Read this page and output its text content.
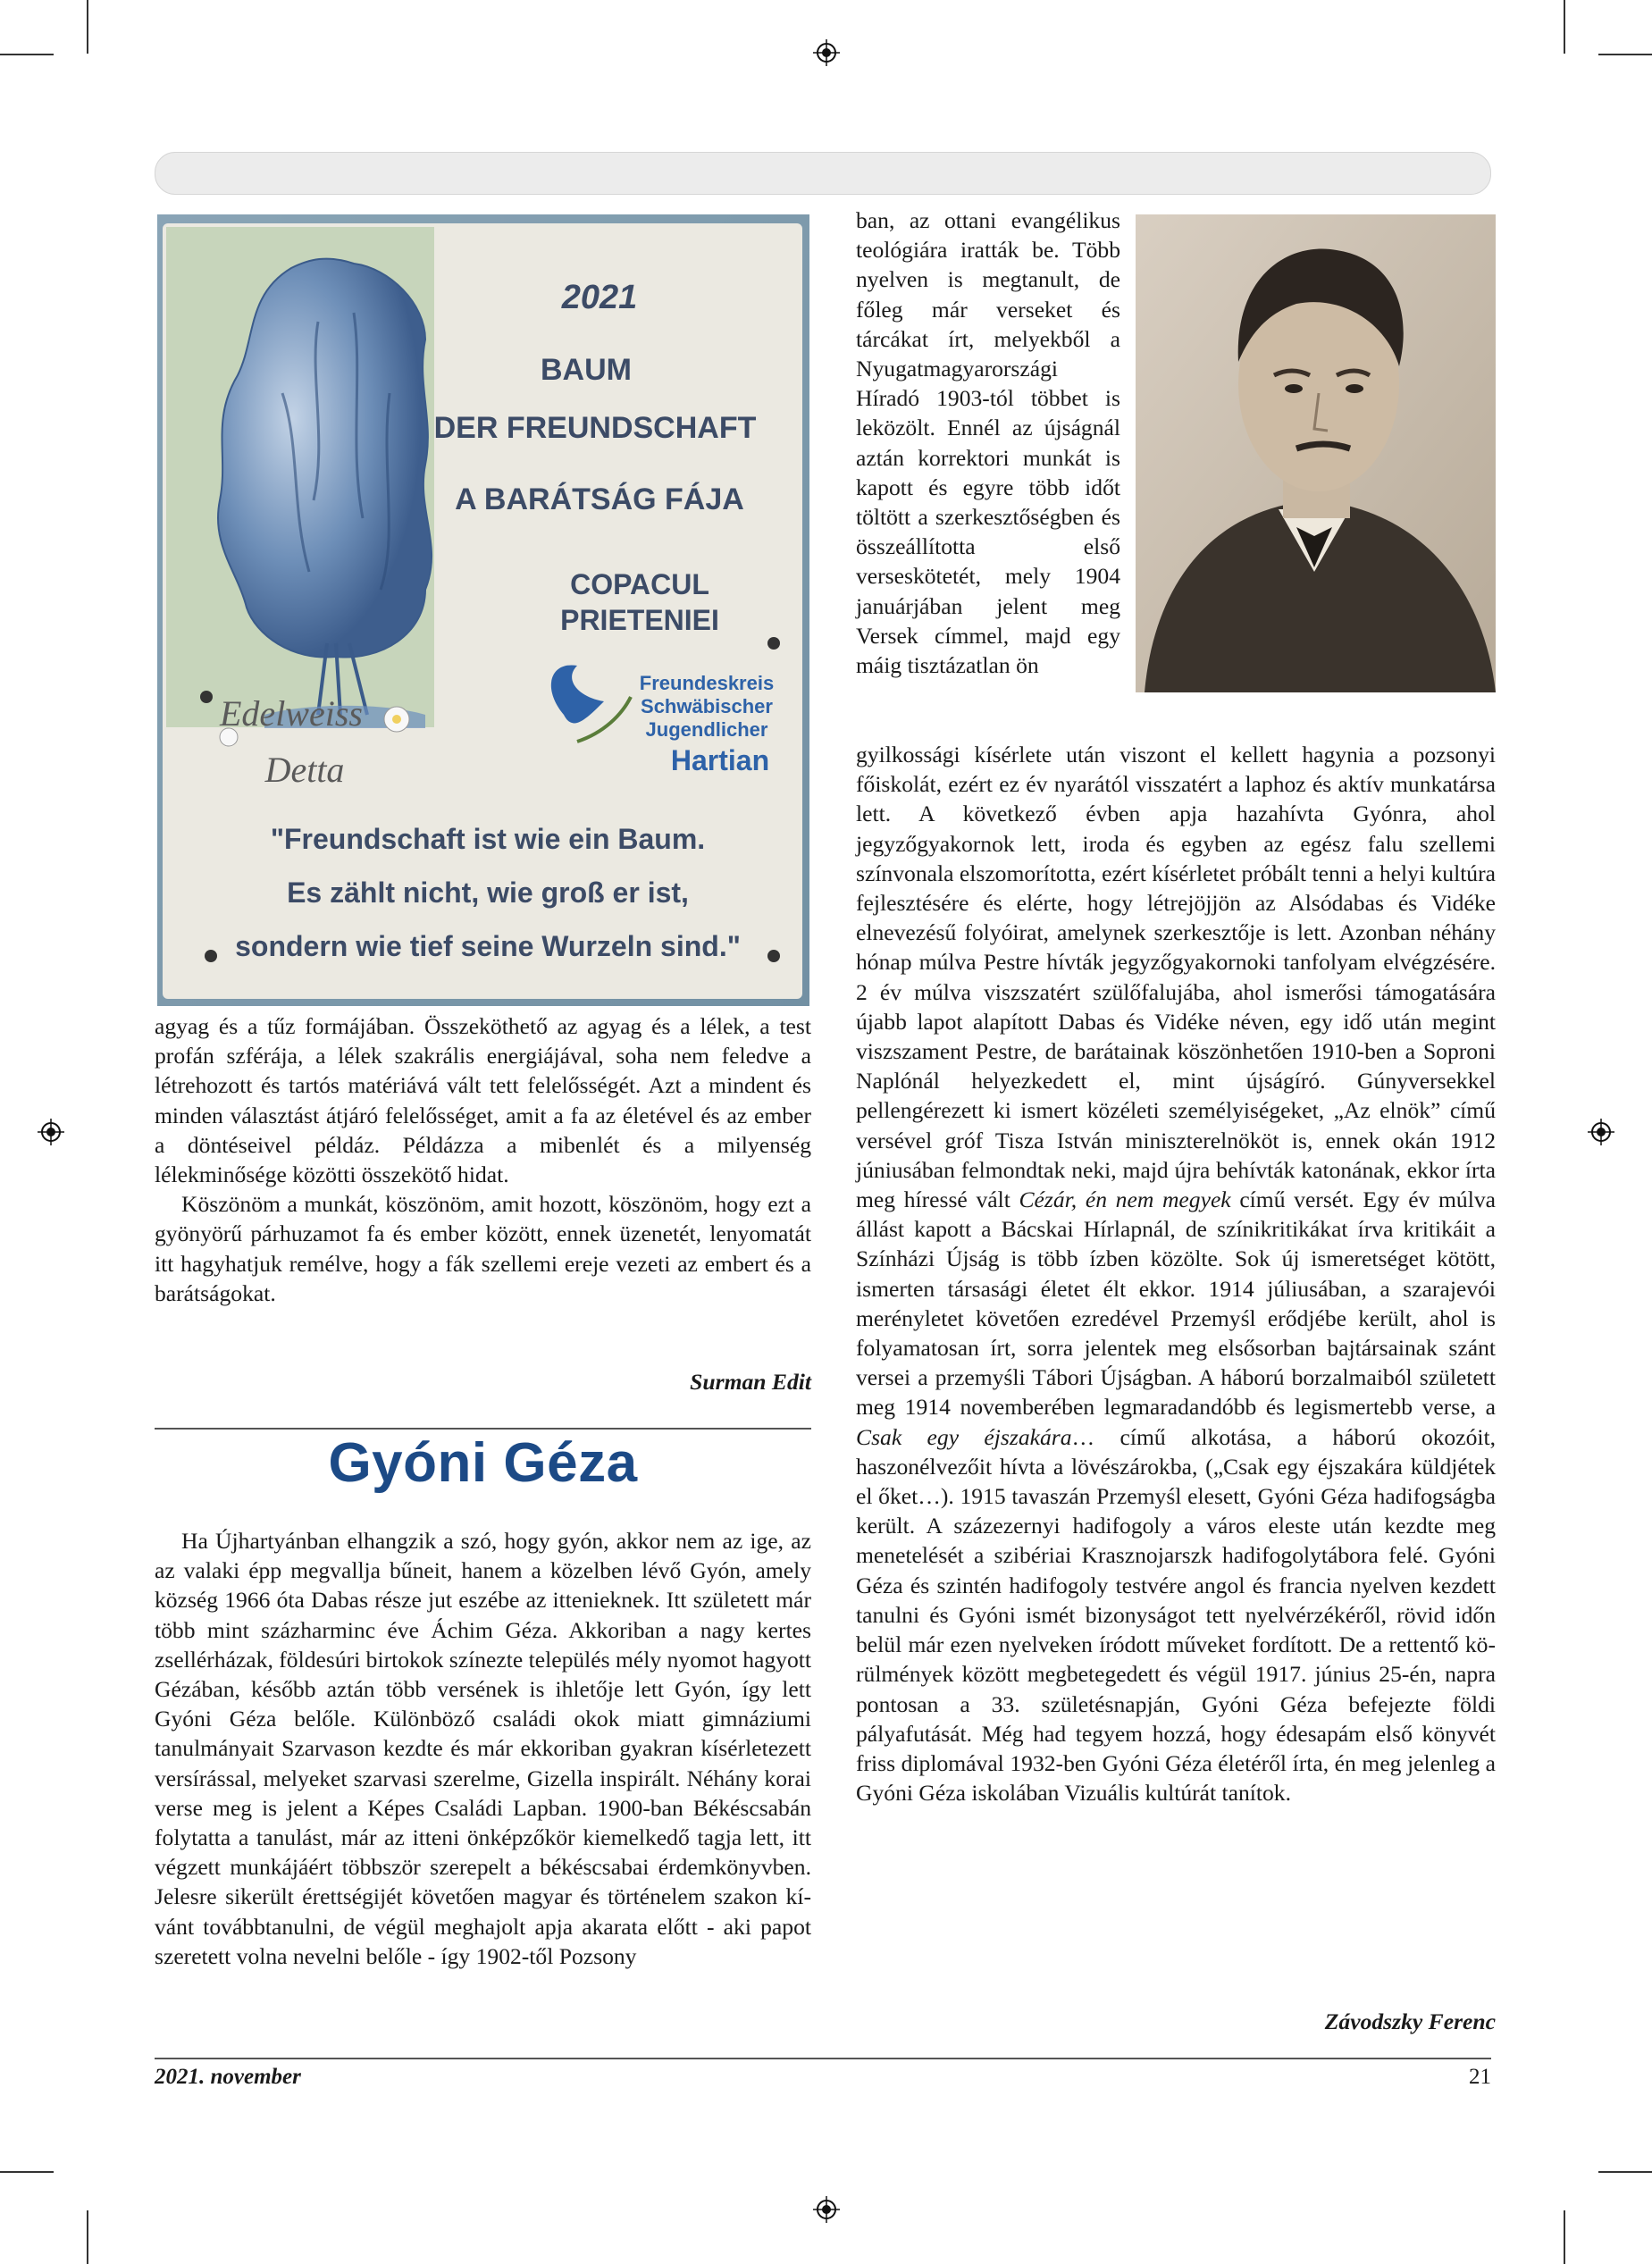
2021
BAUM
DER FREUNDSCHAFT
A BARÁTSÁG FÁJA
COPACUL
PRIETENIEI
Edelweiss
Detta
Freundeskreis
Schwäbischer
Jugendlicher
Hartian
"Freundschaft ist wie ein Baum.
Es zählt nicht, wie groß er ist,
sondern wie tief seine Wurzeln sind."

agyag és a tűz formájában. Összeköthető az agyag és a lélek, a test profán szférája, a lélek szakrális energiájával, soha nem feledve a létrehozott és tartós matériává vált tett felelősségét. Azt a mindent és minden választást átjáró felelősséget, amit a fa az életével és az ember a döntéseivel példáz. Példázza a mibenlét és a milyenség lélekminősége közötti összekötő hidat.

Köszönöm a munkát, köszönöm, amit hozott, köszönöm, hogy ezt a gyönyörű párhuzamot fa és ember között, ennek üzenetét, lenyomatát itt hagyhatjuk remélve, hogy a fák szellemi ereje vezeti az embert és a barátságokat.

Surman Edit
Gyóni Géza

Ha Újhartyánban elhangzik a szó, hogy gyón, akkor nem az ige, az az valaki épp megvallja bűneit, hanem a közelben lévő Gyón, amely község 1966 óta Dabas része jut eszébe az ittenieknek. Itt született már több mint százharminc éve Áchim Géza. Akkoriban a nagy kertes zsellérházak, földesúri birtokok színezte település mély nyomot hagyott Gézában, később aztán több versének is ihletője lett Gyón, így lett Gyóni Géza belőle. Különböző családi okok miatt gimnáziumi tanulmányait Szarvason kezdte és már ekkoriban gyakran kísérletezett versírással, melyeket szarvasi szerelme, Gizella inspirált. Néhány korai verse meg is jelent a Képes Családi Lapban. 1900-ban Békéscsabán folytatta a tanulást, már az itteni önképzőkör kiemelkedő tagja lett, itt végzett munkájáért többször szerepelt a békéscsabai érdemkönyvben. Jelesre sikerült érettségijét követően magyar és történelem szakon kívánt továbbtanulni, de végül meghajolt apja akarata előtt - aki papot szeretett volna nevelni belőle - így 1902-től Pozsony

ban, az ottani evangélikus teológiára iratták be. Több nyelven is megtanult, de főleg már verseket és tárcákat írt, melyekből a Nyugatmagyarországi Híradó 1903-tól többet is leközölt. Ennél az újságnál aztán korrektori munkát is kapott és egyre több időt töltött a szerkesztőségben és összeállította első verseskötetét, mely 1904 januárjában jelent meg Versek címmel, majd egy máig tisztázatlan ön

gyilkossági kísérlete után viszont el kellett hagynia a pozsonyi főiskolát, ezért ez év nyarától visszatért a laphoz és aktív munkatársa lett. A következő évben apja hazahívta Gyónra, ahol jegyzőgyakornok lett, iroda és egyben az egész falu szellemi színvonala elszomorította, ezért kísérletet próbált tenni a helyi kultúra fejlesztésére és elérte, hogy létrejöjjön az Alsódabas és Vidéke elnevezésű folyóirat, amelynek szerkesztője is lett. Azonban néhány hónap múlva Pestre hívták jegyzőgyakornoki tanfolyam elvégzésére. 2 év múlva viszszatért szülőfalujába, ahol ismerősi támogatására újabb lapot alapított Dabas és Vidéke néven, egy idő után megint viszszament Pestre, de barátainak köszönhetően 1910-ben a Soproni Naplónál helyezkedett el, mint újságíró. Gúnyversekkel pellengérezett ki ismert közéleti személyiségeket, „Az elnök” című versével gróf Tisza István miniszterelnököt is, ennek okán 1912 júniusában felmondtak neki, majd újra behívták katonának, ekkor írta meg híressé vált Cézár, én nem megyek című versét. Egy év múlva állást kapott a Bácskai Hírlapnál, de színikritikákat írva kritikáit a Színházi Újság is több ízben közölte. Sok új ismeretséget kötött, ismerten társasági életet élt ekkor. 1914 júliusában, a szarajevói merényletet követően ezredével Przemyśl erődjébe került, ahol is folyamatosan írt, sorra jelentek meg elsősorban bajtársainak szánt versei a przemyśli Tábori Újságban. A háború borzalmaiból született meg 1914 novemberében legmaradandóbb és legismertebb verse, a Csak egy éjszakára… című alkotása, a háború okozóit, haszonélvezőit hívta a lövészárokba, („Csak egy éjszakára küldjétek el őket…). 1915 tavaszán Przemyśl elesett, Gyóni Géza hadifogságba került. A százezernyi hadifogoly a város eleste után kezdte meg menetelését a szibériai Krasznojarszk hadifogolytábora felé. Gyóni Géza és szintén hadifogoly testvére angol és francia nyelven kezdett tanulni és Gyóni ismét bizonyságot tett nyelvérzékéről, rövid időn belül már ezen nyelveken íródott műveket fordított. De a rettentő körülmények között megbetegedett és végül 1917. június 25-én, napra pontosan a 33. születésnapján, Gyóni Géza befejezte földi pályafutását. Még had tegyem hozzá, hogy édesapám első könyvét friss diplomával 1932-ben Gyóni Géza életéről írta, én meg jelenleg a Gyóni Géza iskolában Vizuális kultúrát tanítok.

Závodszky Ferenc
2021. november	21
